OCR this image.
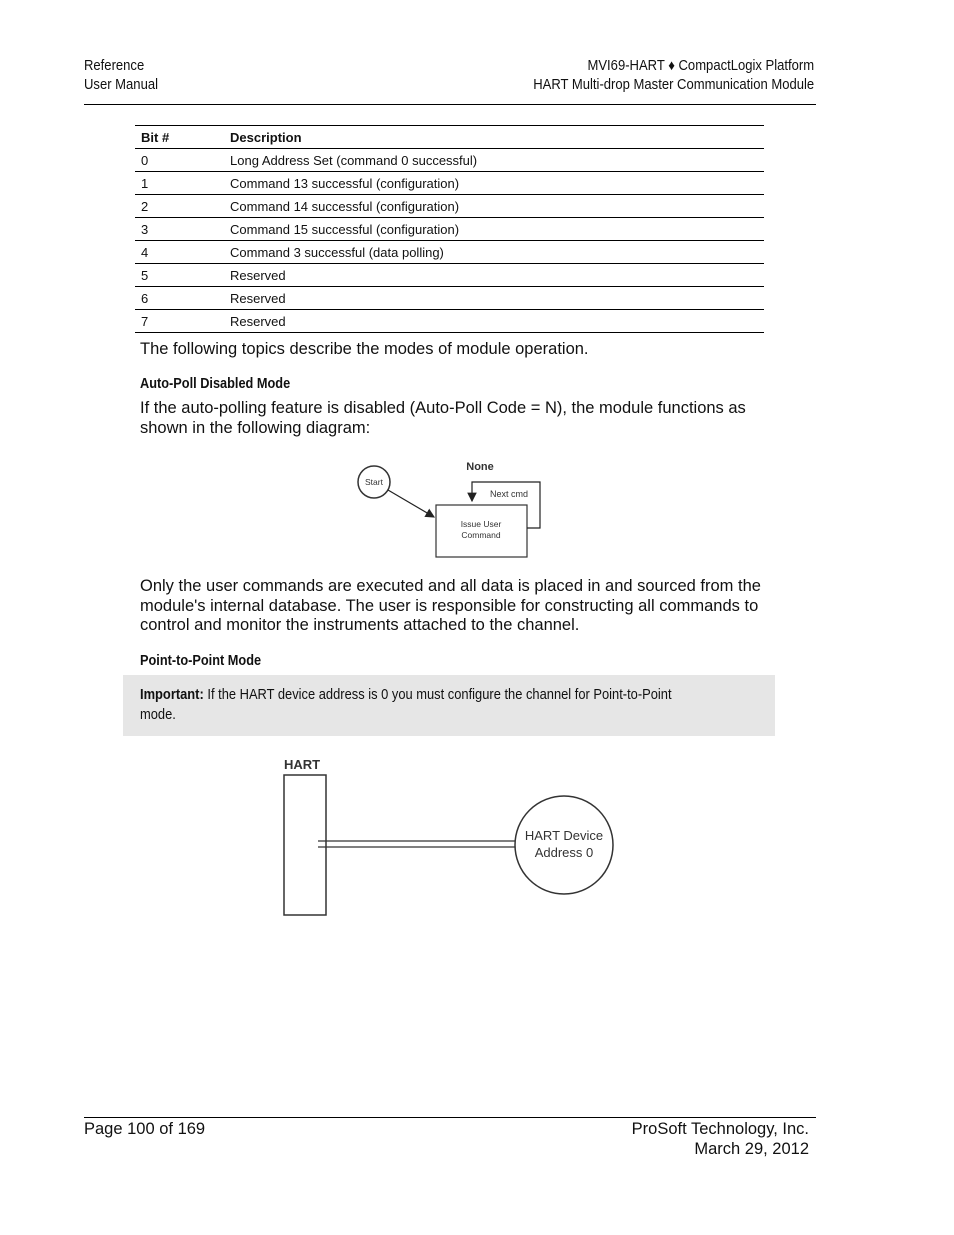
Reference
User Manual
MVI69-HART ♦ CompactLogix Platform
HART Multi-drop Master Communication Module
Bit #	Description
0	Long Address Set (command 0 successful)
1	Command 13 successful (configuration)
2	Command 14 successful (configuration)
3	Command 15 successful (configuration)
4	Command 3 successful (data polling)
5	Reserved
6	Reserved
7	Reserved
The following topics describe the modes of module operation.
Auto-Poll Disabled Mode
If the auto-polling feature is disabled (Auto-Poll Code = N), the module functions as shown in the following diagram:
Start
None
Issue User
Command
Next cmd
Only the user commands are executed and all data is placed in and sourced from the module's internal database. The user is responsible for constructing all commands to control and monitor the instruments attached to the channel.
Point-to-Point Mode
Important: If the HART device address is 0 you must configure the channel for Point-to-Point mode.
HART
HART Device
Address 0
Page 100 of 169	ProSoft Technology, Inc.
March 29, 2012
